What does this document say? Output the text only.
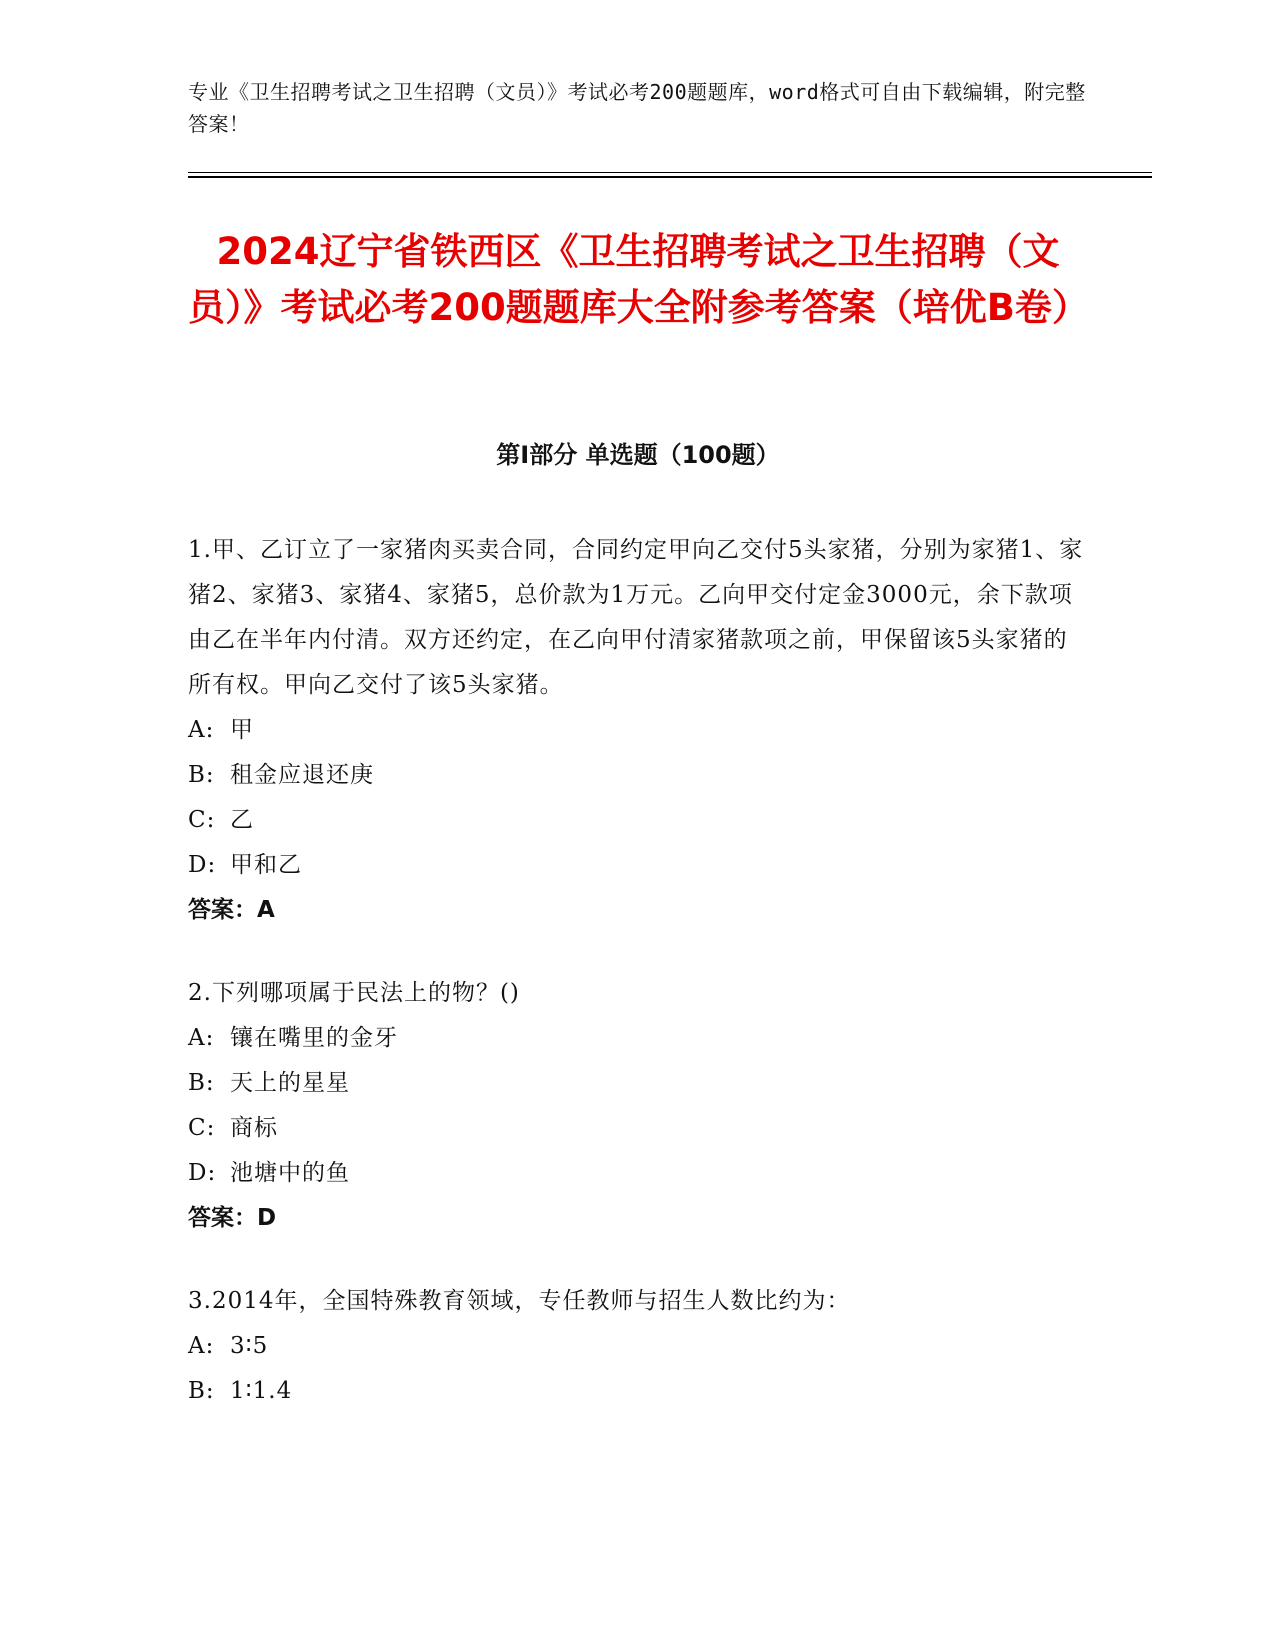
专业《卫生招聘考试之卫生招聘（文员）》考试必考200题题库，word格式可自由下载编辑，附完整答案！
2024辽宁省铁西区《卫生招聘考试之卫生招聘（文员）》考试必考200题题库大全附参考答案（培优B卷）
第Ⅰ部分 单选题（100题）
1.甲、乙订立了一家猪肉买卖合同，合同约定甲向乙交付5头家猪，分别为家猪1、家猪2、家猪3、家猪4、家猪5，总价款为1万元。乙向甲交付定金3000元，余下款项由乙在半年内付清。双方还约定，在乙向甲付清家猪款项之前，甲保留该5头家猪的所有权。甲向乙交付了该5头家猪。
A: 甲
B: 租金应退还庚
C: 乙
D: 甲和乙
答案：A
2.下列哪项属于民法上的物？()
A: 镶在嘴里的金牙
B: 天上的星星
C: 商标
D: 池塘中的鱼
答案：D
3.2014年，全国特殊教育领域，专任教师与招生人数比约为：
A: 3∶5
B: 1∶1.4
